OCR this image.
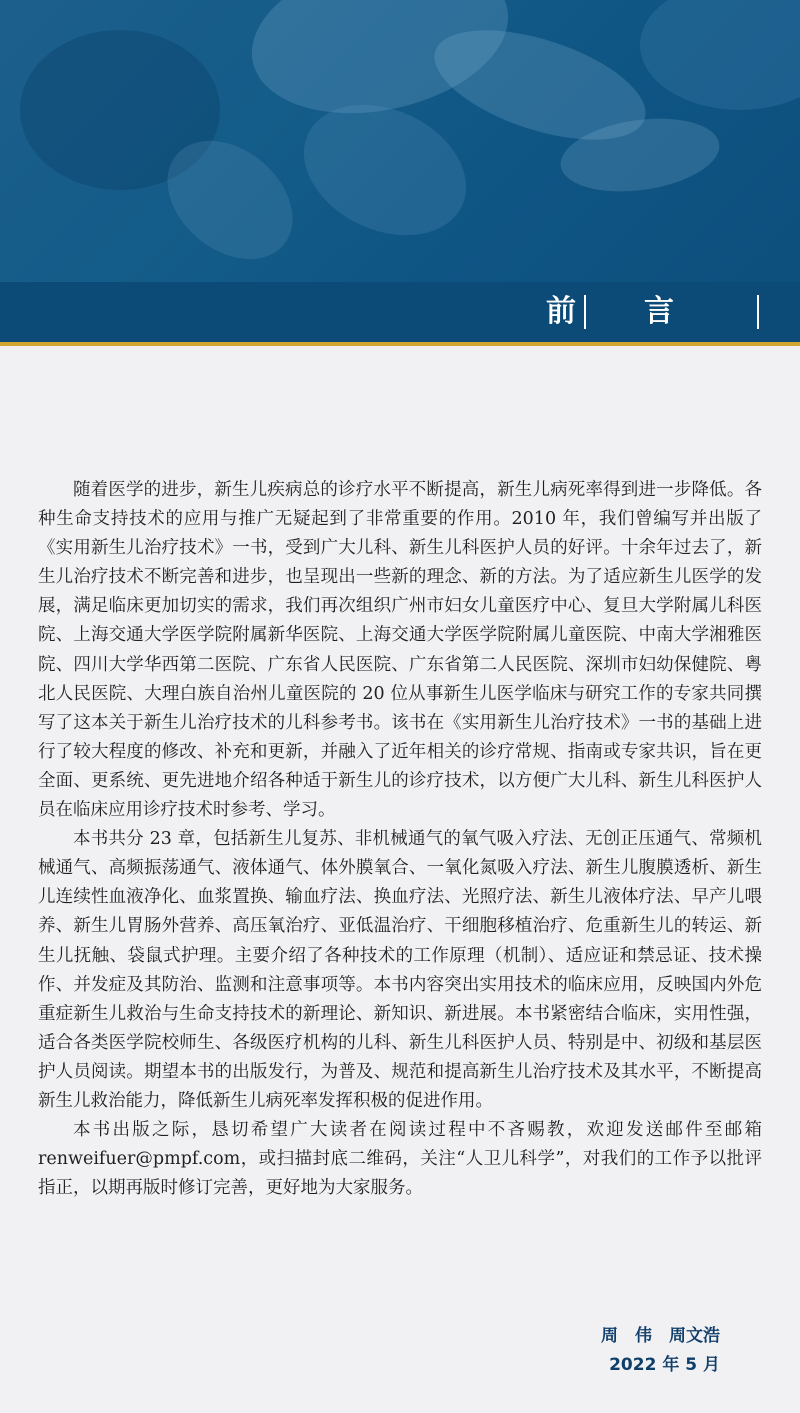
前言

随着医学的进步，新生儿疾病总的诊疗水平不断提高，新生儿病死率得到进一步降低。各种生命支持技术的应用与推广无疑起到了非常重要的作用。2010 年，我们曾编写并出版了《实用新生儿治疗技术》一书，受到广大儿科、新生儿科医护人员的好评。十余年过去了，新生儿治疗技术不断完善和进步，也呈现出一些新的理念、新的方法。为了适应新生儿医学的发展，满足临床更加切实的需求，我们再次组织广州市妇女儿童医疗中心、复旦大学附属儿科医院、上海交通大学医学院附属新华医院、上海交通大学医学院附属儿童医院、中南大学湘雅医院、四川大学华西第二医院、广东省人民医院、广东省第二人民医院、深圳市妇幼保健院、粤北人民医院、大理白族自治州儿童医院的 20 位从事新生儿医学临床与研究工作的专家共同撰写了这本关于新生儿治疗技术的儿科参考书。该书在《实用新生儿治疗技术》一书的基础上进行了较大程度的修改、补充和更新，并融入了近年相关的诊疗常规、指南或专家共识，旨在更全面、更系统、更先进地介绍各种适于新生儿的诊疗技术，以方便广大儿科、新生儿科医护人员在临床应用诊疗技术时参考、学习。

本书共分 23 章，包括新生儿复苏、非机械通气的氧气吸入疗法、无创正压通气、常频机械通气、高频振荡通气、液体通气、体外膜氧合、一氧化氮吸入疗法、新生儿腹膜透析、新生儿连续性血液净化、血浆置换、输血疗法、换血疗法、光照疗法、新生儿液体疗法、早产儿喂养、新生儿胃肠外营养、高压氧治疗、亚低温治疗、干细胞移植治疗、危重新生儿的转运、新生儿抚触、袋鼠式护理。主要介绍了各种技术的工作原理（机制）、适应证和禁忌证、技术操作、并发症及其防治、监测和注意事项等。本书内容突出实用技术的临床应用，反映国内外危重症新生儿救治与生命支持技术的新理论、新知识、新进展。本书紧密结合临床，实用性强，适合各类医学院校师生、各级医疗机构的儿科、新生儿科医护人员、特别是中、初级和基层医护人员阅读。期望本书的出版发行，为普及、规范和提高新生儿治疗技术及其水平，不断提高新生儿救治能力，降低新生儿病死率发挥积极的促进作用。

本书出版之际，恳切希望广大读者在阅读过程中不吝赐教，欢迎发送邮件至邮箱 renweifuer@pmpf.com，或扫描封底二维码，关注“人卫儿科学”，对我们的工作予以批评指正，以期再版时修订完善，更好地为大家服务。

周　伟　周文浩
2022 年 5 月
